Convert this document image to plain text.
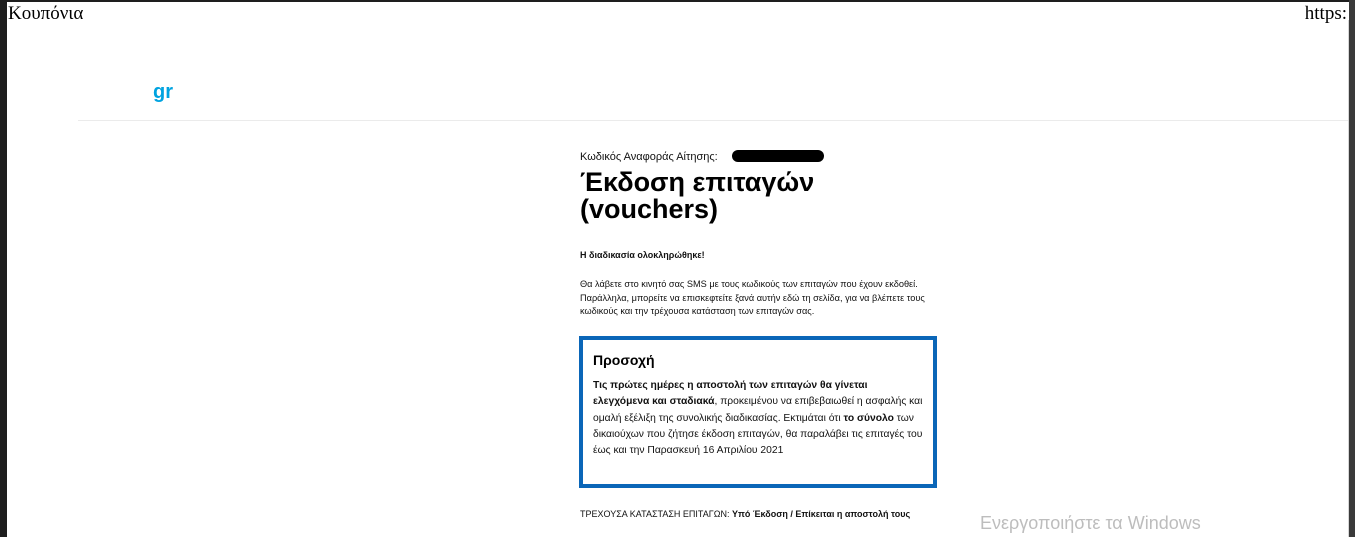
Κουπόνια	https:
gr
Κωδικός Αναφοράς Αίτησης:
Έκδοση επιταγών (vouchers)
Η διαδικασία ολοκληρώθηκε!

Θα λάβετε στο κινητό σας SMS με τους κωδικούς των επιταγών που έχουν εκδοθεί. Παράλληλα, μπορείτε να επισκεφτείτε ξανά αυτήν εδώ τη σελίδα, για να βλέπετε τους κωδικούς και την τρέχουσα κατάσταση των επιταγών σας.

Προσοχή
Τις πρώτες ημέρες η αποστολή των επιταγών θα γίνεται ελεγχόμενα και σταδιακά, προκειμένου να επιβεβαιωθεί η ασφαλής και ομαλή εξέλιξη της συνολικής διαδικασίας. Εκτιμάται ότι το σύνολο των δικαιούχων που ζήτησε έκδοση επιταγών, θα παραλάβει τις επιταγές του έως και την Παρασκευή 16 Απριλίου 2021
ΤΡΕΧΟΥΣΑ ΚΑΤΑΣΤΑΣΗ ΕΠΙΤΑΓΩΝ: Υπό Έκδοση / Επίκειται η αποστολή τους	Ενεργοποιήστε τα Windows
